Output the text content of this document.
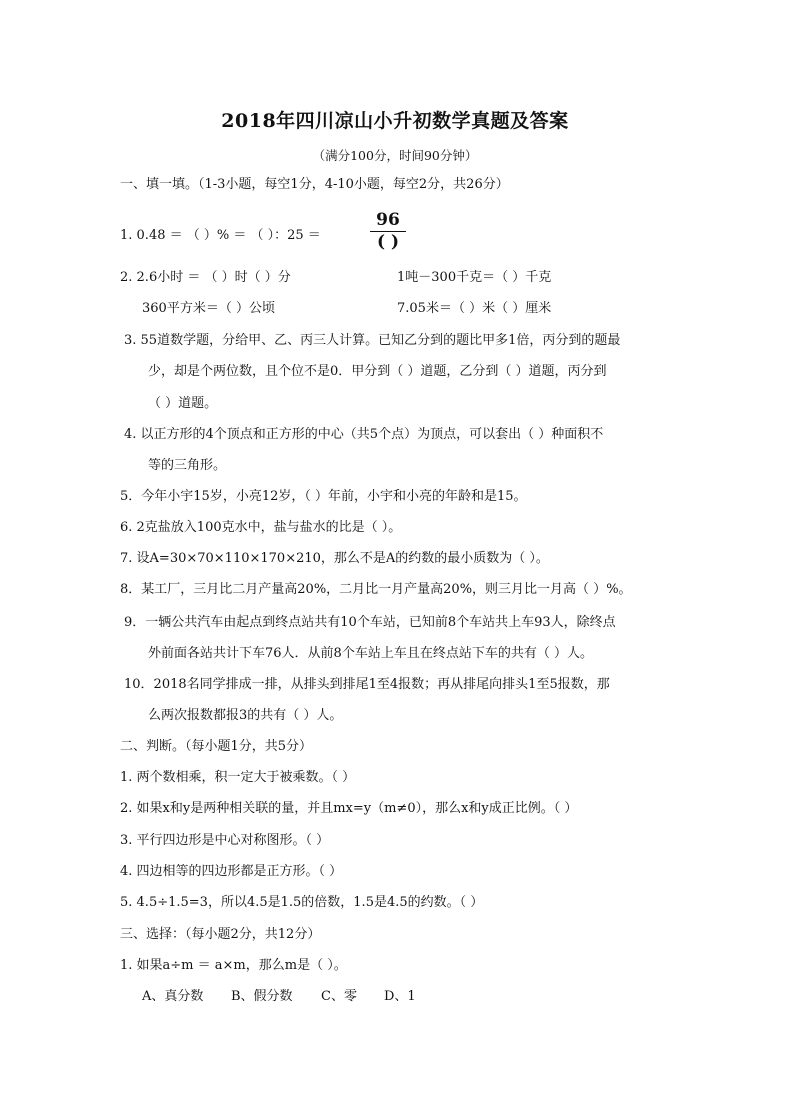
2018年四川凉山小升初数学真题及答案
（满分100分，时间90分钟）
一、填一填。（1-3小题，每空1分，4-10小题，每空2分，共26分）
1. 0.48 ＝ （ ）% ＝ （ ）：25 ＝
96
( )
2. 2.6小时 ＝ （ ）时（ ）分	1吨－300千克＝（ ）千克
360平方米＝（ ）公顷	7.05米＝（ ）米（ ）厘米
3. 55道数学题，分给甲、乙、丙三人计算。已知乙分到的题比甲多1倍，丙分到的题最
少，却是个两位数，且个位不是0．甲分到（ ）道题，乙分到（ ）道题，丙分到
（ ）道题。
4. 以正方形的4个顶点和正方形的中心（共5个点）为顶点，可以套出（ ）种面积不
等的三角形。
5．今年小宇15岁，小亮12岁，（ ）年前，小宇和小亮的年龄和是15。
6. 2克盐放入100克水中，盐与盐水的比是（ ）。
7. 设A=30×70×110×170×210，那么不是A的约数的最小质数为（ ）。
8．某工厂，三月比二月产量高20%，二月比一月产量高20%，则三月比一月高（ ）%。
9．一辆公共汽车由起点到终点站共有10个车站，已知前8个车站共上车93人，除终点
外前面各站共计下车76人．从前8个车站上车且在终点站下车的共有（ ）人。
10．2018名同学排成一排，从排头到排尾1至4报数；再从排尾向排头1至5报数，那
么两次报数都报3的共有（ ）人。
二、判断。（每小题1分，共5分）
1. 两个数相乘，积一定大于被乘数。（ ）
2. 如果x和y是两种相关联的量，并且mx=y（m≠0），那么x和y成正比例。（ ）
3. 平行四边形是中心对称图形。（ ）
4. 四边相等的四边形都是正方形。（ ）
5. 4.5÷1.5=3，所以4.5是1.5的倍数，1.5是4.5的约数。（ ）
三、选择：（每小题2分，共12分）
1. 如果a÷m ＝ a×m，那么m是（ ）。
A、真分数 B、假分数 C、零 D、1
